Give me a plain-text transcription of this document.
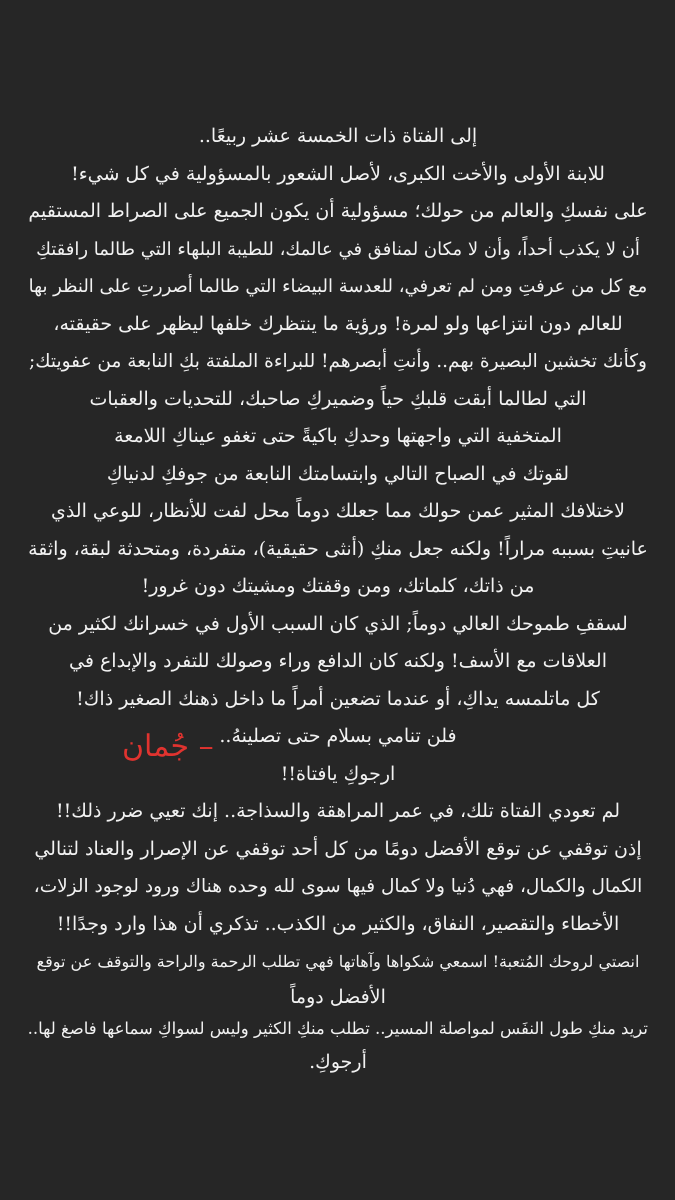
إلى الفتاة ذات الخمسة عشر ربيعًا..
للابنة الأولى والأخت الكبرى، لأصل الشعور بالمسؤولية في كل شيء!
على نفسكِ والعالم من حولك؛ مسؤولية أن يكون الجميع على الصراط المستقيم
أن لا يكذب أحداً، وأن لا مكان لمنافق في عالمك، للطيبة البلهاء التي طالما رافقتكِ
مع كل من عرفتِ ومن لم تعرفي، للعدسة البيضاء التي طالما أصررتِ على النظر بها
للعالم دون انتزاعها ولو لمرة! ورؤية ما ينتظرك خلفها ليظهر على حقيقته،
وكأنك تخشين البصيرة بهم.. وأنتِ أبصرهم! للبراءة الملفتة بكِ النابعة من عفويتك;
التي لطالما أبقت قلبكِ حياً وضميركِ صاحبك، للتحديات والعقبات
المتخفية التي واجهتها وحدكِ باكيةً حتى تغفو عيناكِ اللامعة
لقوتك في الصباح التالي وابتسامتك النابعة من جوفكِ لدنياكِ
لاختلافك المثير عمن حولك مما جعلك دوماً محل لفت للأنظار، للوعي الذي
عانيتِ بسببه مراراً! ولكنه جعل منكِ (أنثى حقيقية)، متفردة، ومتحدثة لبقة، واثقة
من ذاتك، كلماتك، ومن وقفتك ومشيتك دون غرور!
لسقفِ طموحك العالي دوماً; الذي كان السبب الأول في خسرانك لكثير من
العلاقات مع الأسف! ولكنه كان الدافع وراء وصولك للتفرد والإبداع في
كل ماتلمسه يداكِ، أو عندما تضعين أمراً ما داخل ذهنك الصغير ذاك!
فلن تنامي بسلام حتى تصلينهُ..
ارجوكِ يافتاة!!
لم تعودي الفتاة تلك، في عمر المراهقة والسذاجة.. إنك تعيي ضرر ذلك!!
إذن توقفي عن توقع الأفضل دومًا من كل أحد توقفي عن الإصرار والعناد لتنالي
الكمال والكمال، فهي دُنيا ولا كمال فيها سوى لله وحده هناك ورود لوجود الزلات،
الأخطاء والتقصير، النفاق، والكثير من الكذب.. تذكري أن هذا وارد وجدًا!!
انصتي لروحك المُتعبة! اسمعي شكواها وآهاتها فهي تطلب الرحمة والراحة والتوقف عن توقع
الأفضل دوماً
تريد منكِ طول النفَس لمواصلة المسير.. تطلب منكِ الكثير وليس لسواكِ سماعها فاصغ لها..
أرجوكِ.
– جُمان
